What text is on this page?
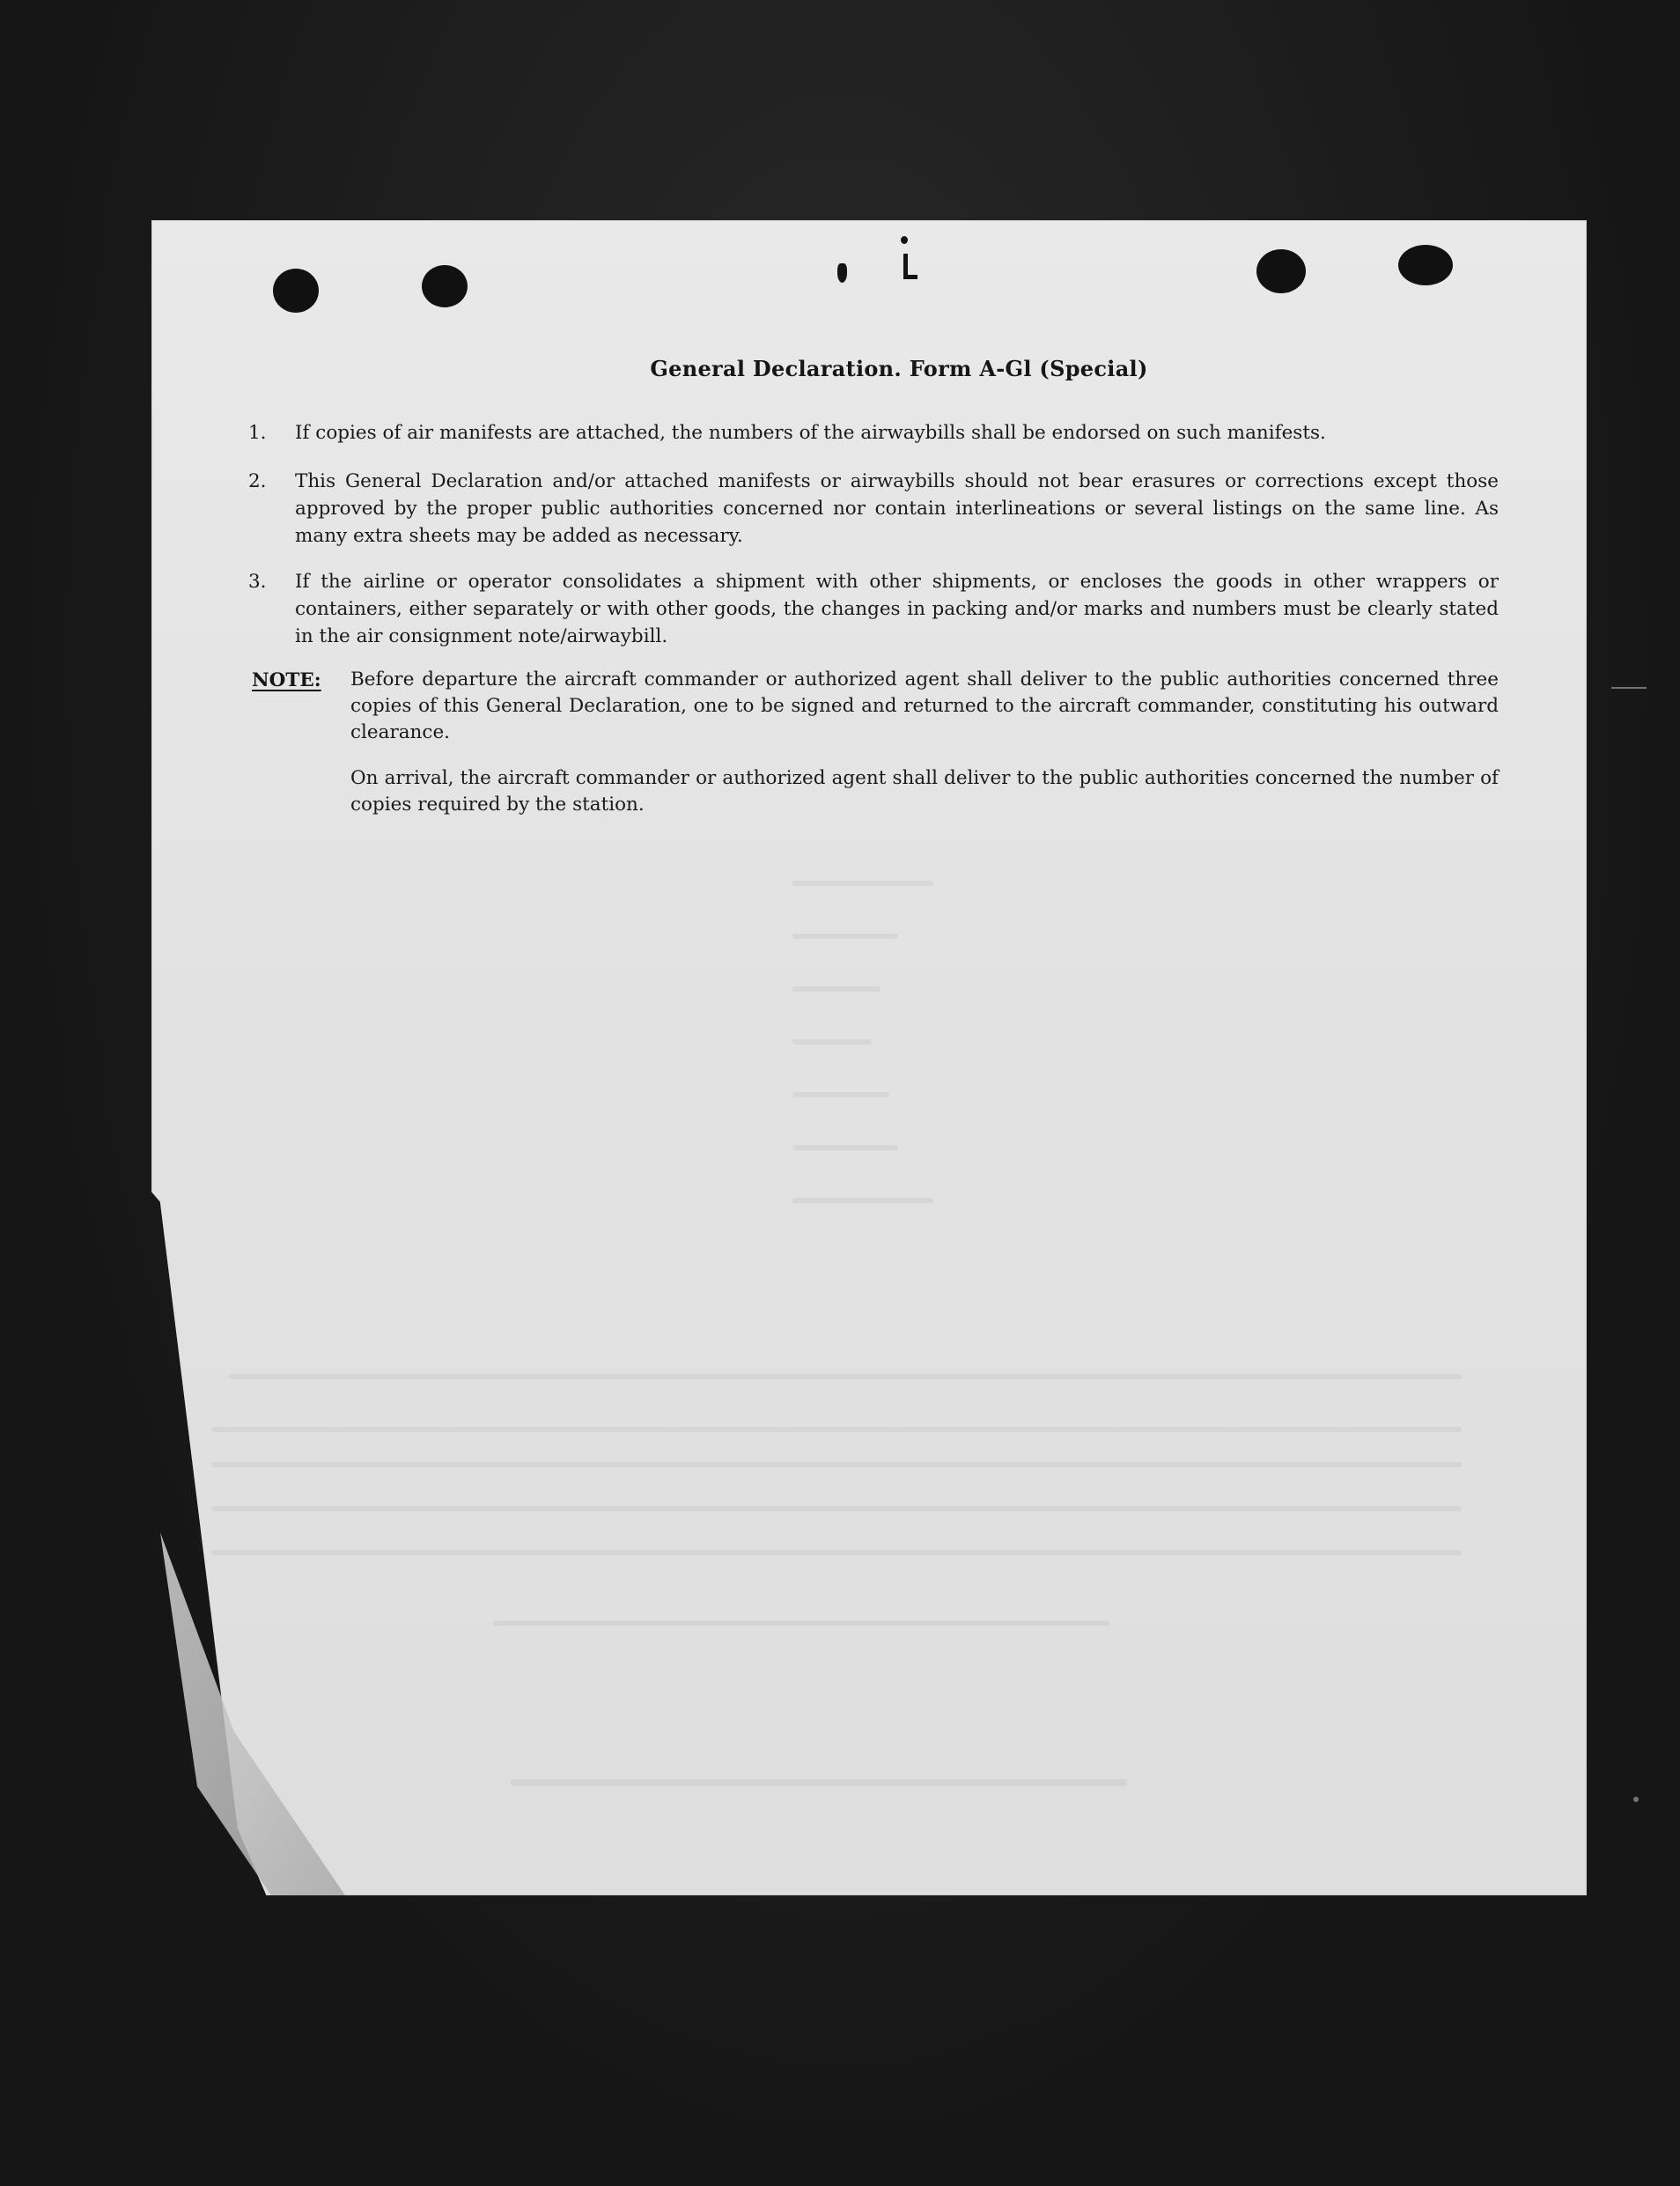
General Declaration. Form A-Gl (Special)
1.	If copies of air manifests are attached, the numbers of the airwaybills shall be endorsed on such manifests.
2.	This General Declaration and/or attached manifests or airwaybills should not bear erasures or corrections except those approved by the proper public authorities concerned nor contain interlineations or several listings on the same line. As many extra sheets may be added as necessary.
3.	If the airline or operator consolidates a shipment with other shipments, or encloses the goods in other wrappers or containers, either separately or with other goods, the changes in packing and/or marks and numbers must be clearly stated in the air consignment note/airwaybill.
NOTE: Before departure the aircraft commander or authorized agent shall deliver to the public authorities concerned three copies of this General Declaration, one to be signed and returned to the aircraft commander, constituting his outward clearance.
On arrival, the aircraft commander or authorized agent shall deliver to the public authorities concerned the number of copies required by the station.
